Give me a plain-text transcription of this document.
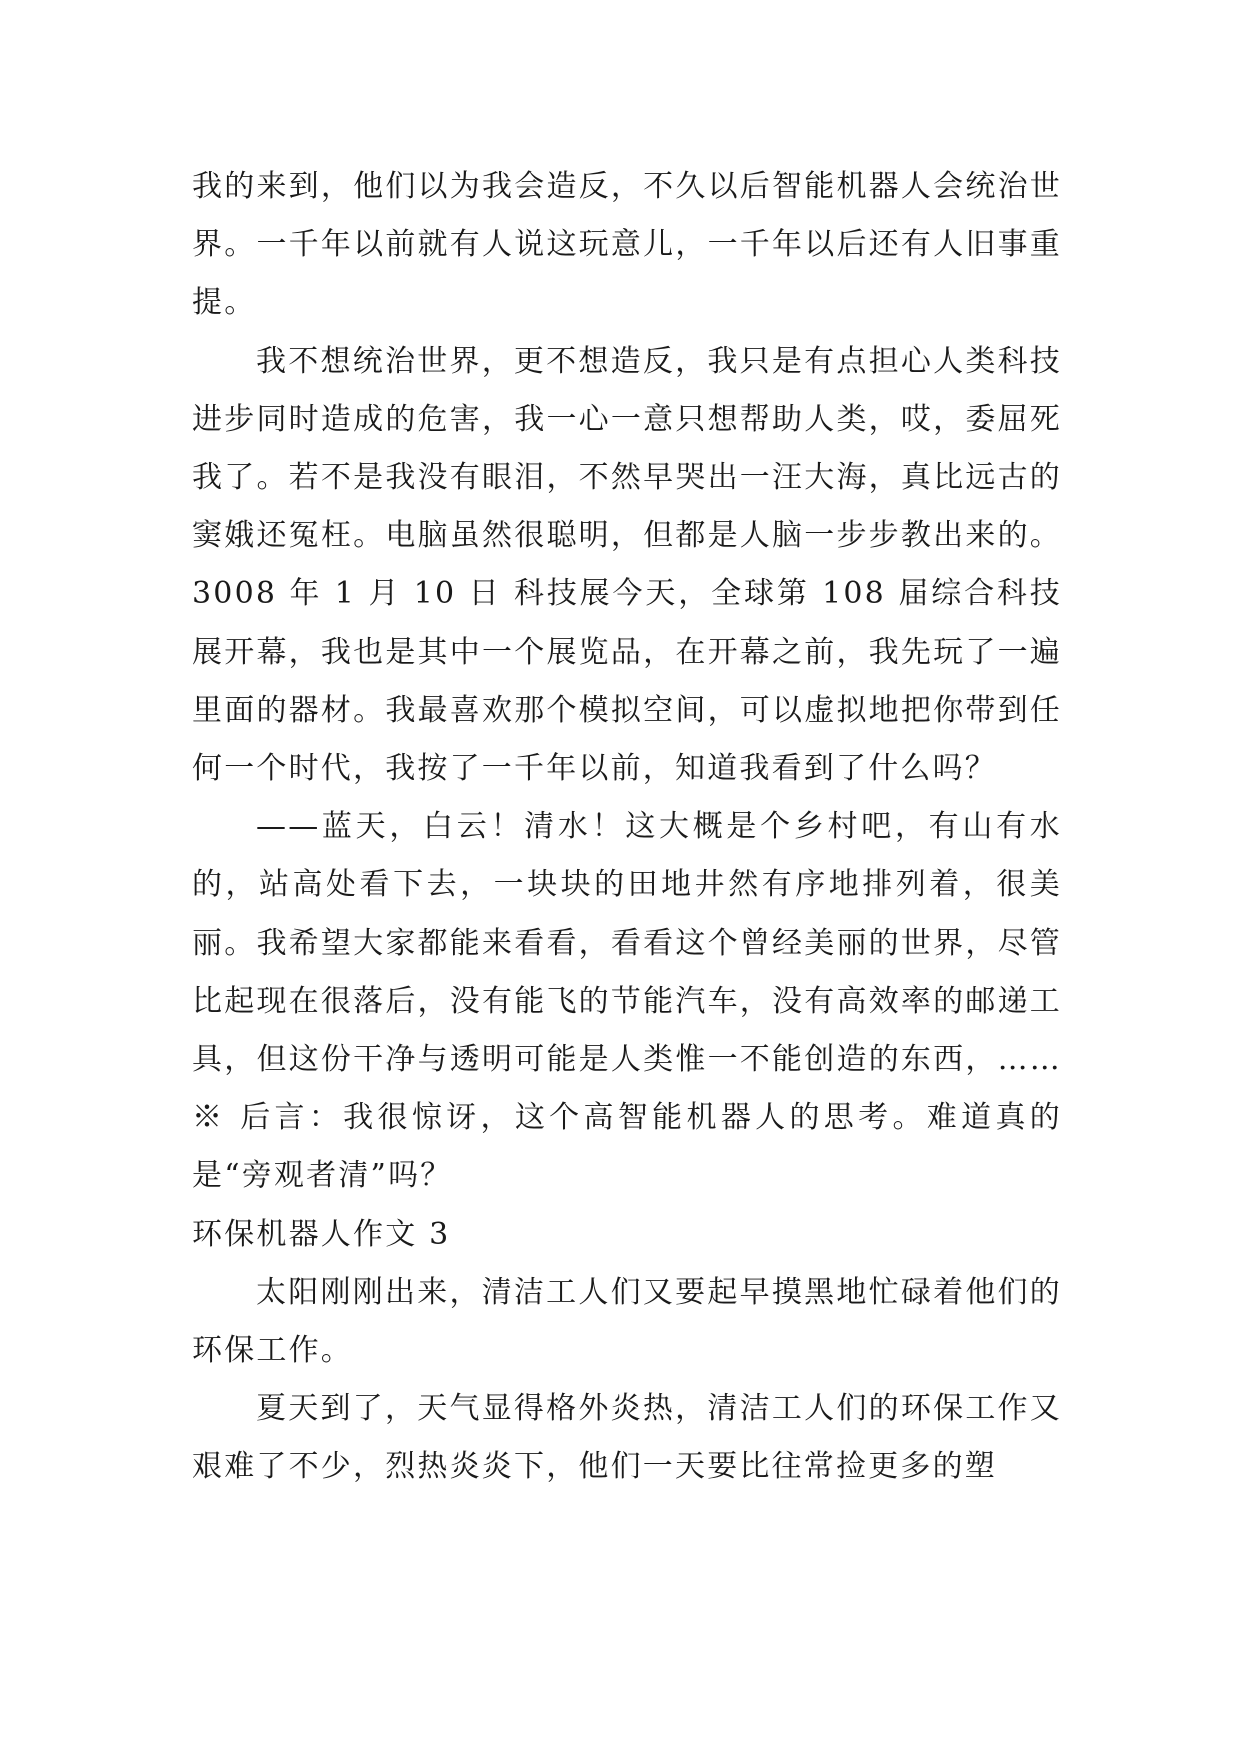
我的来到，他们以为我会造反，不久以后智能机器人会统治世界。一千年以前就有人说这玩意儿，一千年以后还有人旧事重提。

我不想统治世界，更不想造反，我只是有点担心人类科技进步同时造成的危害，我一心一意只想帮助人类，哎，委屈死我了。若不是我没有眼泪，不然早哭出一汪大海，真比远古的窦娥还冤枉。电脑虽然很聪明，但都是人脑一步步教出来的。3008 年 1 月 10 日 科技展今天，全球第 108 届综合科技展开幕，我也是其中一个展览品，在开幕之前，我先玩了一遍里面的器材。我最喜欢那个模拟空间，可以虚拟地把你带到任何一个时代，我按了一千年以前，知道我看到了什么吗？

——蓝天，白云！清水！这大概是个乡村吧，有山有水的，站高处看下去，一块块的田地井然有序地排列着，很美丽。我希望大家都能来看看，看看这个曾经美丽的世界，尽管比起现在很落后，没有能飞的节能汽车，没有高效率的邮递工具，但这份干净与透明可能是人类惟一不能创造的东西，……※ 后言：我很惊讶，这个高智能机器人的思考。难道真的是“旁观者清”吗？

环保机器人作文 3

太阳刚刚出来，清洁工人们又要起早摸黑地忙碌着他们的环保工作。

夏天到了，天气显得格外炎热，清洁工人们的环保工作又艰难了不少，烈热炎炎下，他们一天要比往常捡更多的塑
